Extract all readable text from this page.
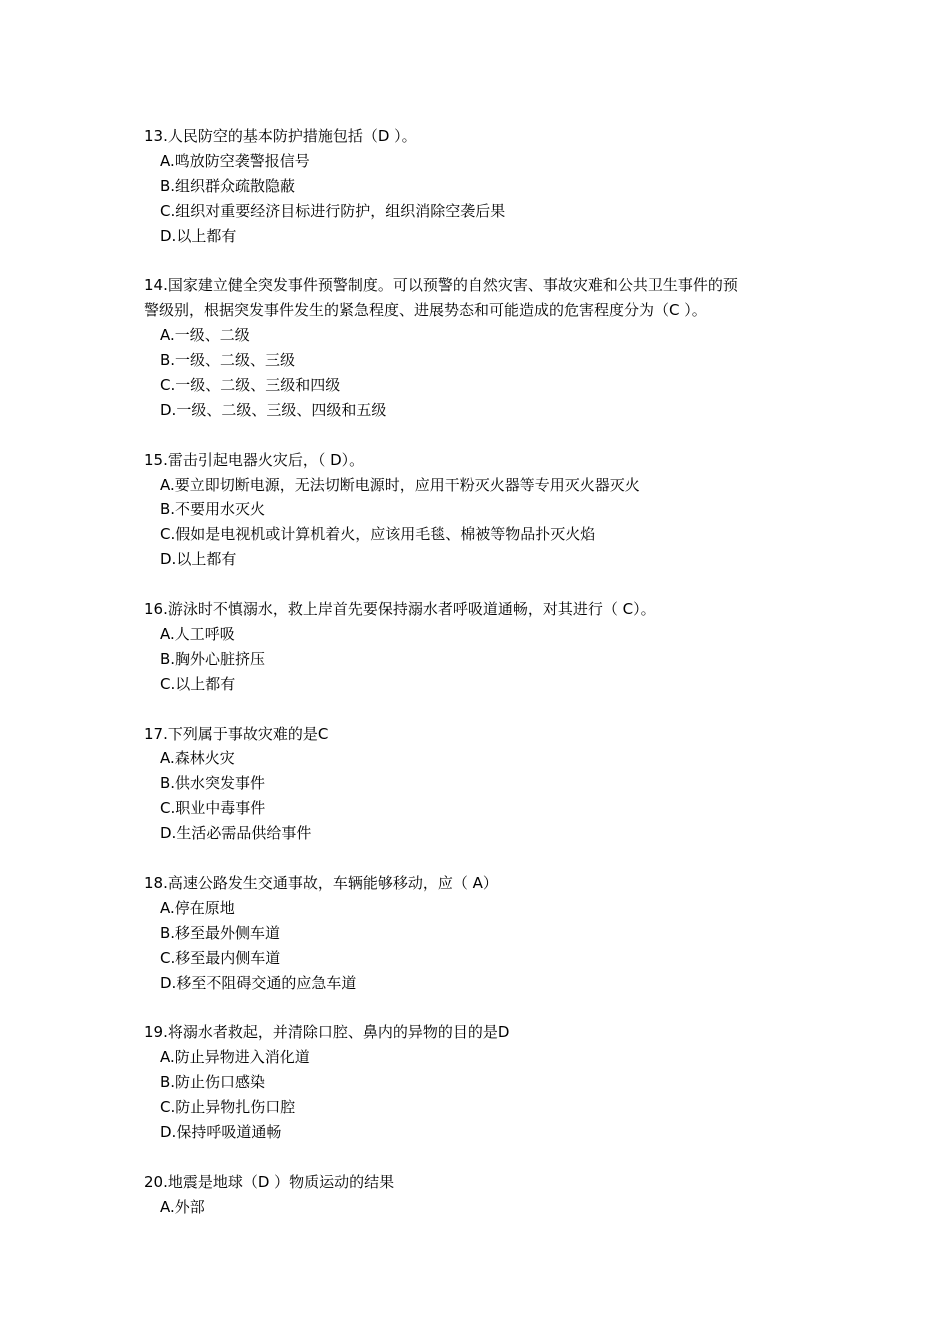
13.人民防空的基本防护措施包括（D ）。
A.鸣放防空袭警报信号
B.组织群众疏散隐蔽
C.组织对重要经济目标进行防护，组织消除空袭后果
D.以上都有
14.国家建立健全突发事件预警制度。可以预警的自然灾害、事故灾难和公共卫生事件的预
警级别，根据突发事件发生的紧急程度、进展势态和可能造成的危害程度分为（C ）。
A.一级、二级
B.一级、二级、三级
C.一级、二级、三级和四级
D.一级、二级、三级、四级和五级
15.雷击引起电器火灾后，（ D）。
A.要立即切断电源，无法切断电源时，应用干粉灭火器等专用灭火器灭火
B.不要用水灭火
C.假如是电视机或计算机着火，应该用毛毯、棉被等物品扑灭火焰
D.以上都有
16.游泳时不慎溺水，救上岸首先要保持溺水者呼吸道通畅，对其进行（ C）。
A.人工呼吸
B.胸外心脏挤压
C.以上都有
17.下列属于事故灾难的是C
A.森林火灾
B.供水突发事件
C.职业中毒事件
D.生活必需品供给事件
18.高速公路发生交通事故，车辆能够移动，应（ A）
A.停在原地
B.移至最外侧车道
C.移至最内侧车道
D.移至不阻碍交通的应急车道
19.将溺水者救起，并清除口腔、鼻内的异物的目的是D
A.防止异物进入消化道
B.防止伤口感染
C.防止异物扎伤口腔
D.保持呼吸道通畅
20.地震是地球（D ）物质运动的结果
A.外部
